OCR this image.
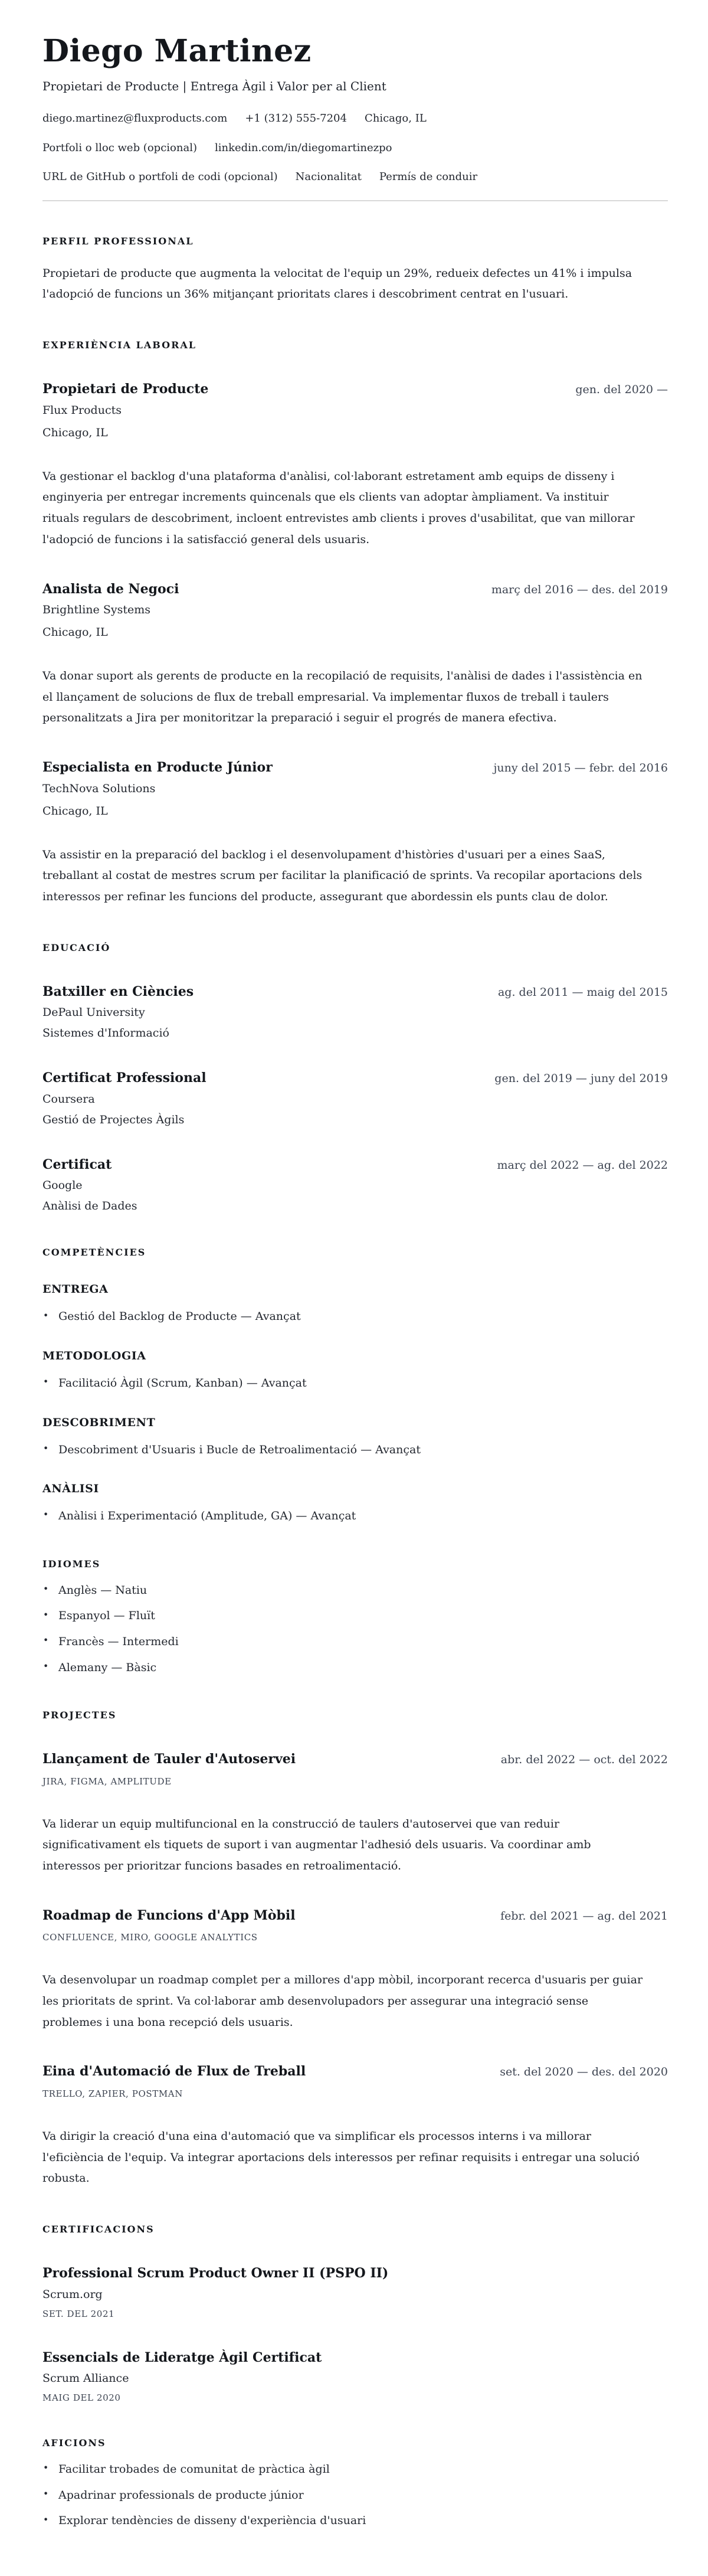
Diego Martinez
Propietari de Producte | Entrega Àgil i Valor per al Client
diego.martinez@fluxproducts.com +1 (312) 555-7204 Chicago, IL
Portfoli o lloc web (opcional) linkedin.com/in/diegomartinezpo
URL de GitHub o portfoli de codi (opcional) Nacionalitat Permís de conduir
PERFIL PROFESSIONAL

Propietari de producte que augmenta la velocitat de l'equip un 29%, redueix defectes un 41% i impulsa l'adopció de funcions un 36% mitjançant prioritats clares i descobriment centrat en l'usuari.

EXPERIÈNCIA LABORAL
Propietari de Producte	gen. del 2020 —
Flux Products
Chicago, IL

Va gestionar el backlog d'una plataforma d'anàlisi, col·laborant estretament amb equips de disseny i enginyeria per entregar increments quincenals que els clients van adoptar àmpliament. Va instituir rituals regulars de descobriment, incloent entrevistes amb clients i proves d'usabilitat, que van millorar l'adopció de funcions i la satisfacció general dels usuaris.

Analista de Negoci	març del 2016 — des. del 2019
Brightline Systems
Chicago, IL

Va donar suport als gerents de producte en la recopilació de requisits, l'anàlisi de dades i l'assistència en el llançament de solucions de flux de treball empresarial. Va implementar fluxos de treball i taulers personalitzats a Jira per monitoritzar la preparació i seguir el progrés de manera efectiva.

Especialista en Producte Júnior	juny del 2015 — febr. del 2016
TechNova Solutions
Chicago, IL

Va assistir en la preparació del backlog i el desenvolupament d'històries d'usuari per a eines SaaS, treballant al costat de mestres scrum per facilitar la planificació de sprints. Va recopilar aportacions dels interessos per refinar les funcions del producte, assegurant que abordessin els punts clau de dolor.

EDUCACIÓ
Batxiller en Ciències	ag. del 2011 — maig del 2015
DePaul University
Sistemes d'Informació
Certificat Professional	gen. del 2019 — juny del 2019
Coursera
Gestió de Projectes Àgils
Certificat	març del 2022 — ag. del 2022
Google
Anàlisi de Dades
COMPETÈNCIES
ENTREGA
• Gestió del Backlog de Producte — Avançat
METODOLOGIA
• Facilitació Àgil (Scrum, Kanban) — Avançat
DESCOBRIMENT
• Descobriment d'Usuaris i Bucle de Retroalimentació — Avançat
ANÀLISI
• Anàlisi i Experimentació (Amplitude, GA) — Avançat
IDIOMES
• Anglès — Natiu
• Espanyol — Fluït
• Francès — Intermedi
• Alemany — Bàsic
PROJECTES
Llançament de Tauler d'Autoservei	abr. del 2022 — oct. del 2022
JIRA, FIGMA, AMPLITUDE

Va liderar un equip multifuncional en la construcció de taulers d'autoservei que van reduir significativament els tiquets de suport i van augmentar l'adhesió dels usuaris. Va coordinar amb interessos per prioritzar funcions basades en retroalimentació.

Roadmap de Funcions d'App Mòbil	febr. del 2021 — ag. del 2021
CONFLUENCE, MIRO, GOOGLE ANALYTICS

Va desenvolupar un roadmap complet per a millores d'app mòbil, incorporant recerca d'usuaris per guiar les prioritats de sprint. Va col·laborar amb desenvolupadors per assegurar una integració sense problemes i una bona recepció dels usuaris.

Eina d'Automació de Flux de Treball	set. del 2020 — des. del 2020
TRELLO, ZAPIER, POSTMAN

Va dirigir la creació d'una eina d'automació que va simplificar els processos interns i va millorar l'eficiència de l'equip. Va integrar aportacions dels interessos per refinar requisits i entregar una solució robusta.

CERTIFICACIONS
Professional Scrum Product Owner II (PSPO II)
Scrum.org
SET. DEL 2021
Essencials de Lideratge Àgil Certificat
Scrum Alliance
MAIG DEL 2020
AFICIONS
• Facilitar trobades de comunitat de pràctica àgil
• Apadrinar professionals de producte júnior
• Explorar tendències de disseny d'experiència d'usuari
